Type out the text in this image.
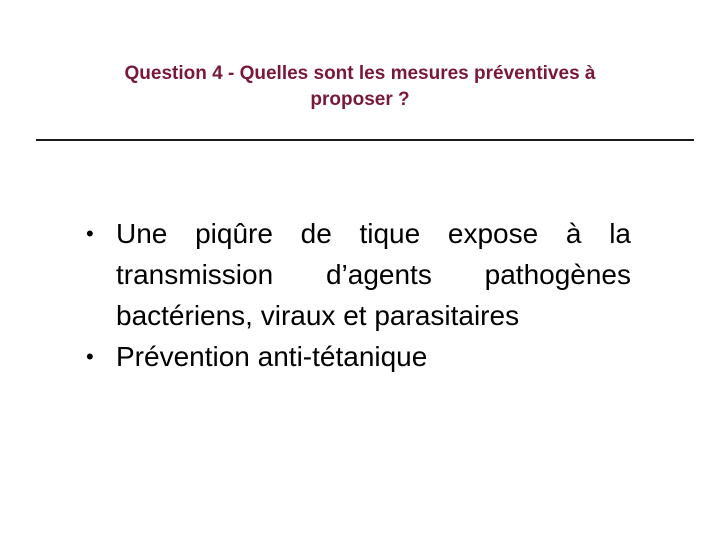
Question 4 - Quelles sont les mesures préventives à
proposer ?
• Une piqûre de tique expose à la transmission d’agents pathogènes bactériens, viraux et parasitaires
• Prévention anti-tétanique
